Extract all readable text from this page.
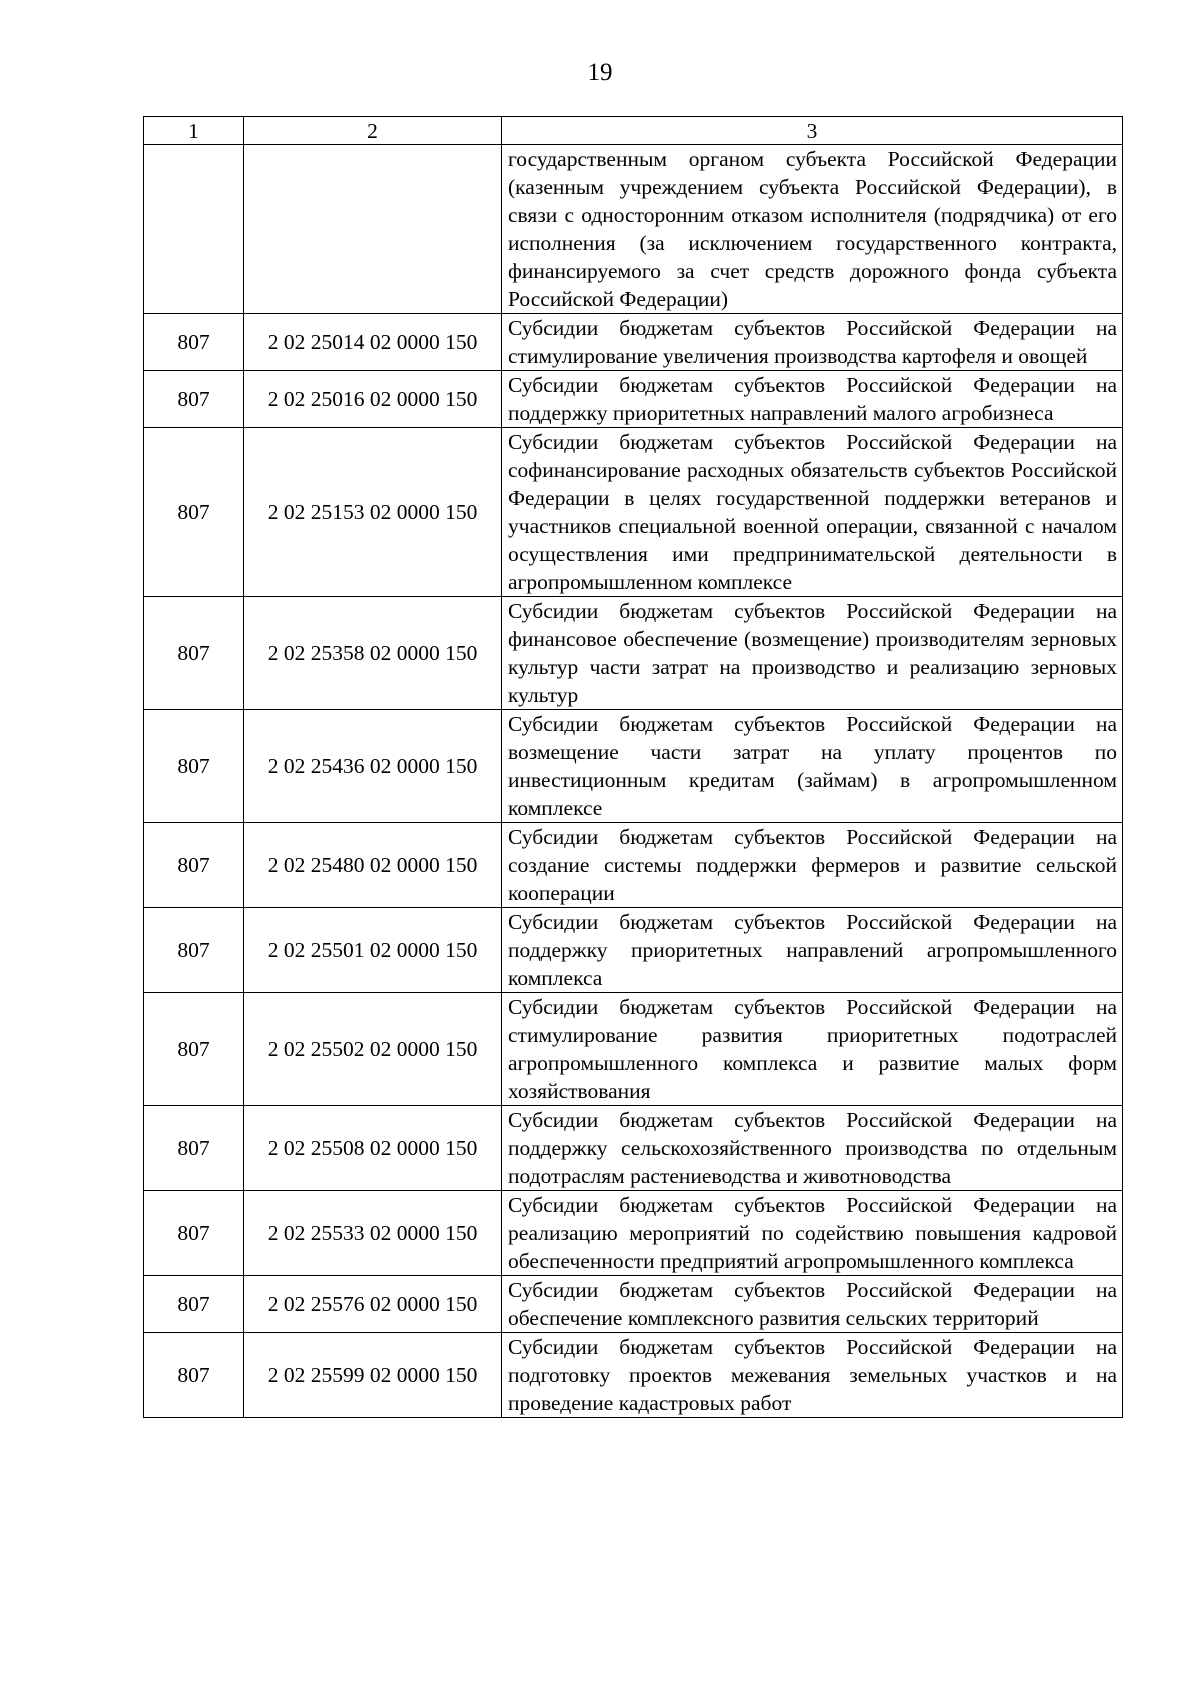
19
1	2	3

		государственным органом субъекта Российской Федерации (казенным учреждением субъекта Российской Федерации), в связи с односторонним отказом исполнителя (подрядчика) от его исполнения (за исключением государственного контракта, финансируемого за счет средств дорожного фонда субъекта Российской Федерации)

807	2 02 25014 02 0000 150	Субсидии бюджетам субъектов Российской Федерации на стимулирование увеличения производства картофеля и овощей

807	2 02 25016 02 0000 150	Субсидии бюджетам субъектов Российской Федерации на поддержку приоритетных направлений малого агробизнеса

807	2 02 25153 02 0000 150	Субсидии бюджетам субъектов Российской Федерации на софинансирование расходных обязательств субъектов Российской Федерации в целях государственной поддержки ветеранов и участников специальной военной операции, связанной с началом осуществления ими предпринимательской деятельности в агропромышленном комплексе

807	2 02 25358 02 0000 150	Субсидии бюджетам субъектов Российской Федерации на финансовое обеспечение (возмещение) производителям зерновых культур части затрат на производство и реализацию зерновых культур

807	2 02 25436 02 0000 150	Субсидии бюджетам субъектов Российской Федерации на возмещение части затрат на уплату процентов по инвестиционным кредитам (займам) в агропромышленном комплексе

807	2 02 25480 02 0000 150	Субсидии бюджетам субъектов Российской Федерации на создание системы поддержки фермеров и развитие сельской кооперации

807	2 02 25501 02 0000 150	Субсидии бюджетам субъектов Российской Федерации на поддержку приоритетных направлений агропромышленного комплекса

807	2 02 25502 02 0000 150	Субсидии бюджетам субъектов Российской Федерации на стимулирование развития приоритетных подотраслей агропромышленного комплекса и развитие малых форм хозяйствования

807	2 02 25508 02 0000 150	Субсидии бюджетам субъектов Российской Федерации на поддержку сельскохозяйственного производства по отдельным подотраслям растениеводства и животноводства

807	2 02 25533 02 0000 150	Субсидии бюджетам субъектов Российской Федерации на реализацию мероприятий по содействию повышения кадровой обеспеченности предприятий агропромышленного комплекса

807	2 02 25576 02 0000 150	Субсидии бюджетам субъектов Российской Федерации на обеспечение комплексного развития сельских территорий

807	2 02 25599 02 0000 150	Субсидии бюджетам субъектов Российской Федерации на подготовку проектов межевания земельных участков и на проведение кадастровых работ
